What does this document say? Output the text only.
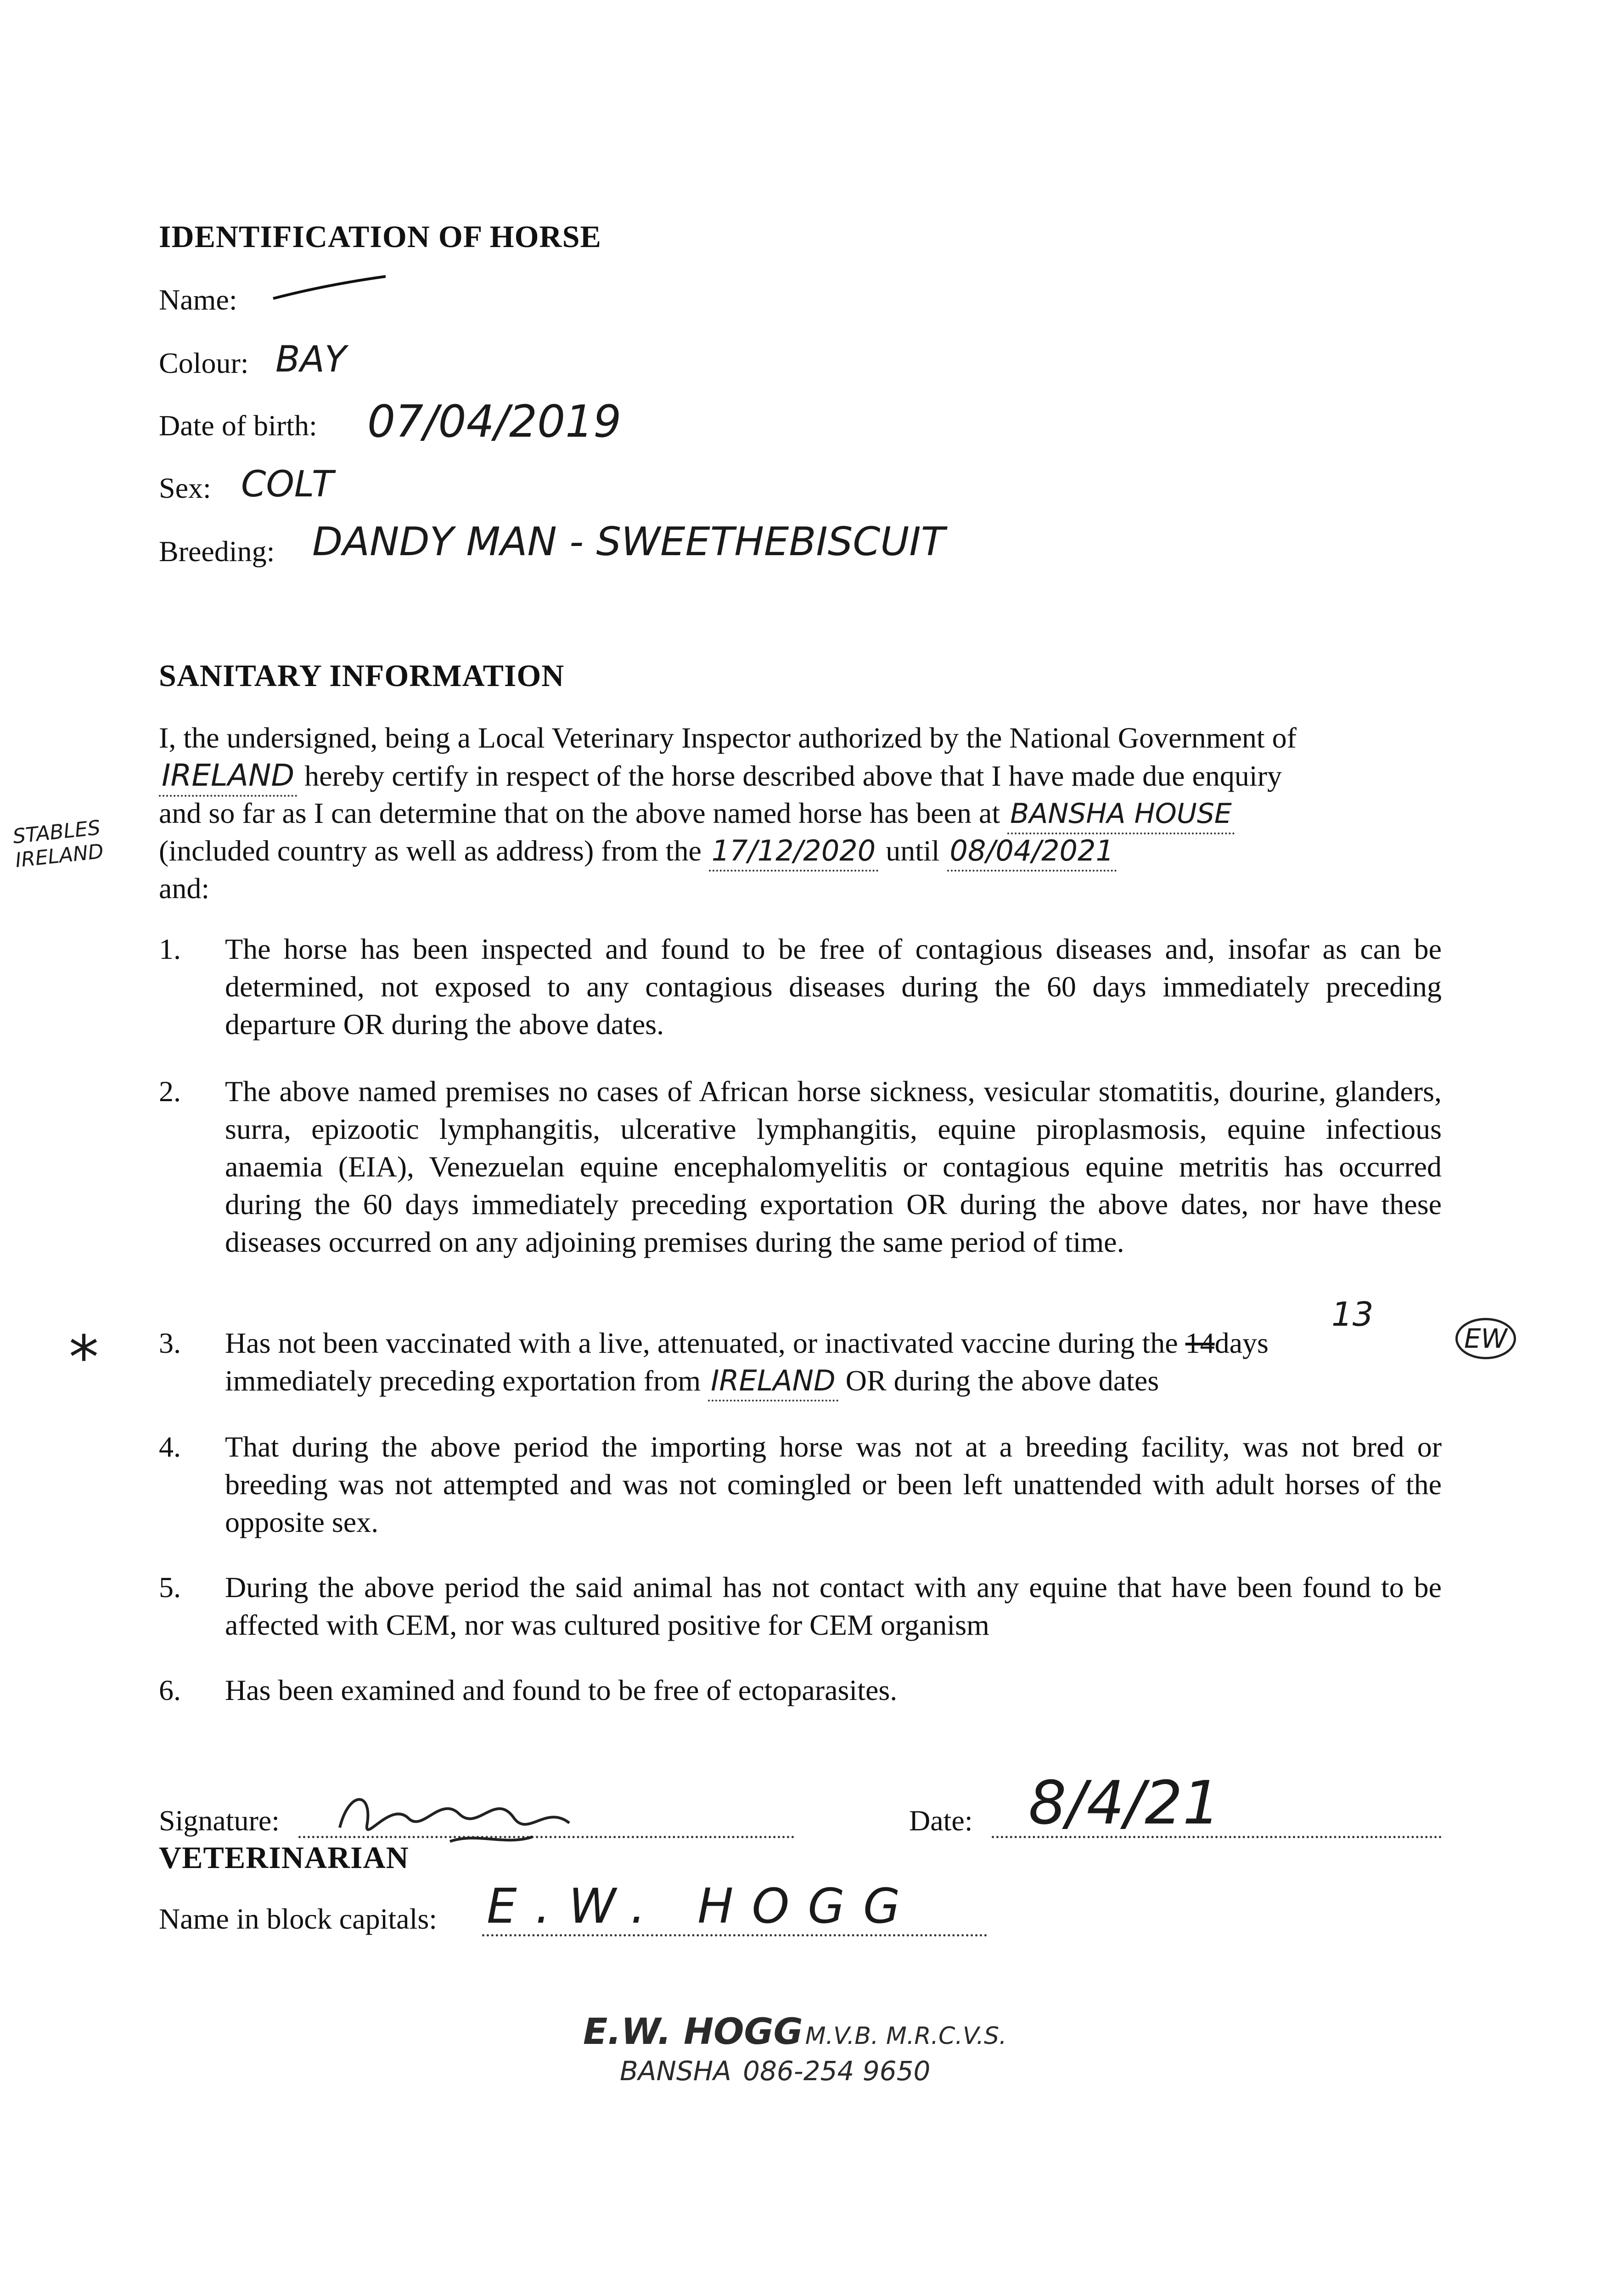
IDENTIFICATION OF HORSE
Name:
Colour: BAY
Date of birth: 07/04/2019
Sex: COLT
Breeding: DANDY MAN - SWEETHEBISCUIT
SANITARY INFORMATION
I, the undersigned, being a Local Veterinary Inspector authorized by the National Government of
IRELAND hereby certify in respect of the horse described above that I have made due enquiry
and so far as I can determine that on the above named horse has been at BANSHA HOUSE
STABLES IRELAND	(included country as well as address) from the 17/12/2020 until 08/04/2021
and:
1. The horse has been inspected and found to be free of contagious diseases and, insofar as can be determined, not exposed to any contagious diseases during the 60 days immediately preceding departure OR during the above dates.
2. The above named premises no cases of African horse sickness, vesicular stomatitis, dourine, glanders, surra, epizootic lymphangitis, ulcerative lymphangitis, equine piroplasmosis, equine infectious anaemia (EIA), Venezuelan equine encephalomyelitis or contagious equine metritis has occurred during the 60 days immediately preceding exportation OR during the above dates, nor have these diseases occurred on any adjoining premises during the same period of time.
* 3.
13
Has not been vaccinated with a live, attenuated, or inactivated vaccine during the 14days	EW
immediately preceding exportation from IRELAND OR during the above dates
4. That during the above period the importing horse was not at a breeding facility, was not bred or breeding was not attempted and was not comingled or been left unattended with adult horses of the opposite sex.
5. During the above period the said animal has not contact with any equine that have been found to be affected with CEM, nor was cultured positive for CEM organism
6. Has been examined and found to be free of ectoparasites.
Signature:	Date: 8/4/21
VETERINARIAN
Name in block capitals: E.W. HOGG
E.W. HOGG M.V.B. M.R.C.V.S.
BANSHA 086-254 9650
